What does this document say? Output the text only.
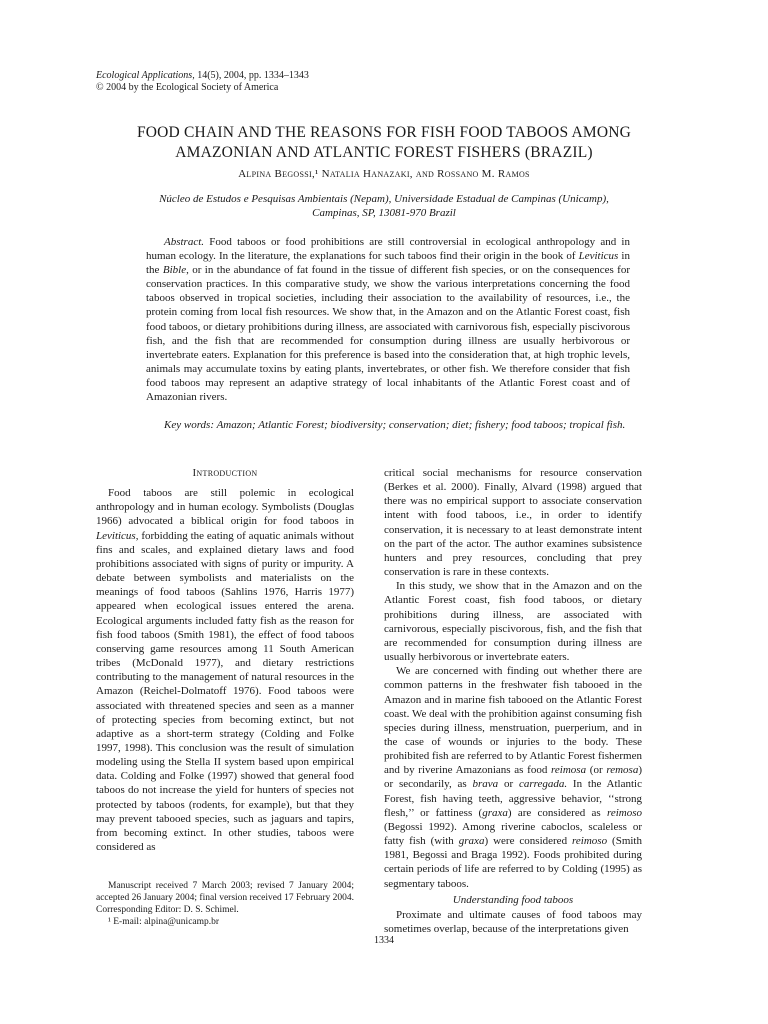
Ecological Applications, 14(5), 2004, pp. 1334–1343
© 2004 by the Ecological Society of America
FOOD CHAIN AND THE REASONS FOR FISH FOOD TABOOS AMONG
AMAZONIAN AND ATLANTIC FOREST FISHERS (BRAZIL)
Alpina Begossi,¹ Natalia Hanazaki, and Rossano M. Ramos
Núcleo de Estudos e Pesquisas Ambientais (Nepam), Universidade Estadual de Campinas (Unicamp),
Campinas, SP, 13081-970 Brazil
Abstract. Food taboos or food prohibitions are still controversial in ecological anthropology and in human ecology. In the literature, the explanations for such taboos find their origin in the book of Leviticus in the Bible, or in the abundance of fat found in the tissue of different fish species, or on the consequences for conservation practices. In this comparative study, we show the various interpretations concerning the food taboos observed in tropical societies, including their association to the availability of resources, i.e., the protein coming from local fish resources. We show that, in the Amazon and on the Atlantic Forest coast, fish food taboos, or dietary prohibitions during illness, are associated with carnivorous fish, especially piscivorous fish, and the fish that are recommended for consumption during illness are usually herbivorous or invertebrate eaters. Explanation for this preference is based into the consideration that, at high trophic levels, animals may accumulate toxins by eating plants, invertebrates, or other fish. We therefore consider that fish food taboos may represent an adaptive strategy of local inhabitants of the Atlantic Forest coast and of Amazonian rivers.
Key words: Amazon; Atlantic Forest; biodiversity; conservation; diet; fishery; food taboos; tropical fish.
Introduction

Food taboos are still polemic in ecological anthropology and in human ecology. Symbolists (Douglas 1966) advocated a biblical origin for food taboos in Leviticus, forbidding the eating of aquatic animals without fins and scales, and explained dietary laws and food prohibitions associated with signs of purity or impurity. A debate between symbolists and materialists on the meanings of food taboos (Sahlins 1976, Harris 1977) appeared when ecological issues entered the arena. Ecological arguments included fatty fish as the reason for fish food taboos (Smith 1981), the effect of food taboos conserving game resources among 11 South American tribes (McDonald 1977), and dietary restrictions contributing to the management of natural resources in the Amazon (Reichel-Dolmatoff 1976). Food taboos were associated with threatened species and seen as a manner of protecting species from becoming extinct, but not adaptive as a short-term strategy (Colding and Folke 1997, 1998). This conclusion was the result of simulation modeling using the Stella II system based upon empirical data. Colding and Folke (1997) showed that general food taboos do not increase the yield for hunters of species not protected by taboos (rodents, for example), but that they may prevent tabooed species, such as jaguars and tapirs, from becoming extinct. In other studies, taboos were considered as

critical social mechanisms for resource conservation (Berkes et al. 2000). Finally, Alvard (1998) argued that there was no empirical support to associate conservation intent with food taboos, i.e., in order to identify conservation, it is necessary to at least demonstrate intent on the part of the actor. The author examines subsistence hunters and prey resources, concluding that prey conservation is rare in these contexts.

In this study, we show that in the Amazon and on the Atlantic Forest coast, fish food taboos, or dietary prohibitions during illness, are associated with carnivorous, especially piscivorous, fish, and the fish that are recommended for consumption during illness are usually herbivorous or invertebrate eaters.

We are concerned with finding out whether there are common patterns in the freshwater fish tabooed in the Amazon and in marine fish tabooed on the Atlantic Forest coast. We deal with the prohibition against consuming fish species during illness, menstruation, puerperium, and in the case of wounds or injuries to the body. These prohibited fish are referred to by Atlantic Forest fishermen and by riverine Amazonians as food reimosa (or remosa) or secondarily, as brava or carregada. In the Atlantic Forest, fish having teeth, aggressive behavior, ‘‘strong flesh,’’ or fattiness (graxa) are considered as reimoso (Begossi 1992). Among riverine caboclos, scaleless or fatty fish (with graxa) were considered reimoso (Smith 1981, Begossi and Braga 1992). Foods prohibited during certain periods of life are referred to by Colding (1995) as segmentary taboos.

Understanding food taboos

Proximate and ultimate causes of food taboos may sometimes overlap, because of the interpretations given

Manuscript received 7 March 2003; revised 7 January 2004; accepted 26 January 2004; final version received 17 February 2004. Corresponding Editor: D. S. Schimel.

¹ E-mail: alpina@unicamp.br

1334
